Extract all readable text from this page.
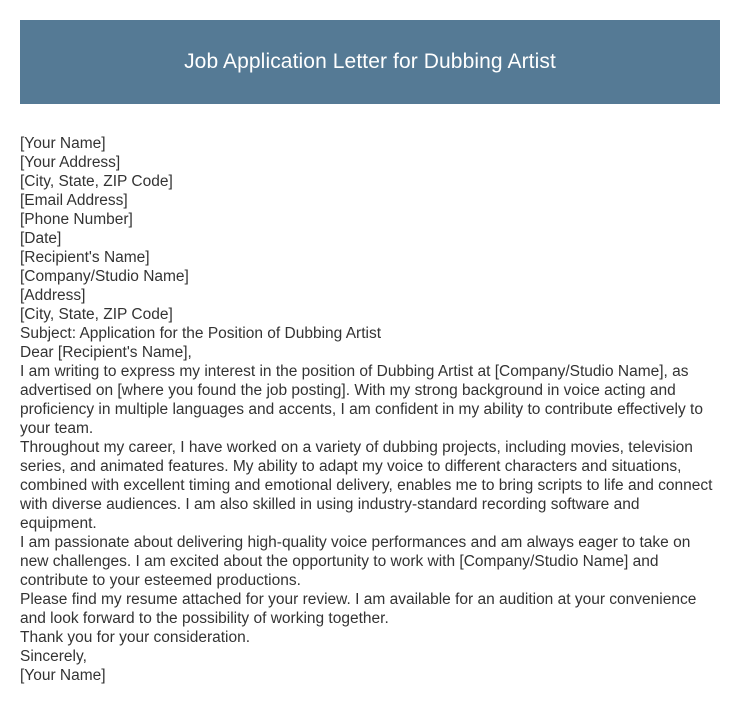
Job Application Letter for Dubbing Artist

[Your Name]

[Your Address]

[City, State, ZIP Code]

[Email Address]

[Phone Number]

[Date]

[Recipient's Name]

[Company/Studio Name]

[Address]

[City, State, ZIP Code]

Subject: Application for the Position of Dubbing Artist

Dear [Recipient's Name],

I am writing to express my interest in the position of Dubbing Artist at [Company/Studio Name], as advertised on [where you found the job posting]. With my strong background in voice acting and proficiency in multiple languages and accents, I am confident in my ability to contribute effectively to your team.

Throughout my career, I have worked on a variety of dubbing projects, including movies, television series, and animated features. My ability to adapt my voice to different characters and situations, combined with excellent timing and emotional delivery, enables me to bring scripts to life and connect with diverse audiences. I am also skilled in using industry-standard recording software and equipment.

I am passionate about delivering high-quality voice performances and am always eager to take on new challenges. I am excited about the opportunity to work with [Company/Studio Name] and contribute to your esteemed productions.

Please find my resume attached for your review. I am available for an audition at your convenience and look forward to the possibility of working together.

Thank you for your consideration.

Sincerely,

[Your Name]
